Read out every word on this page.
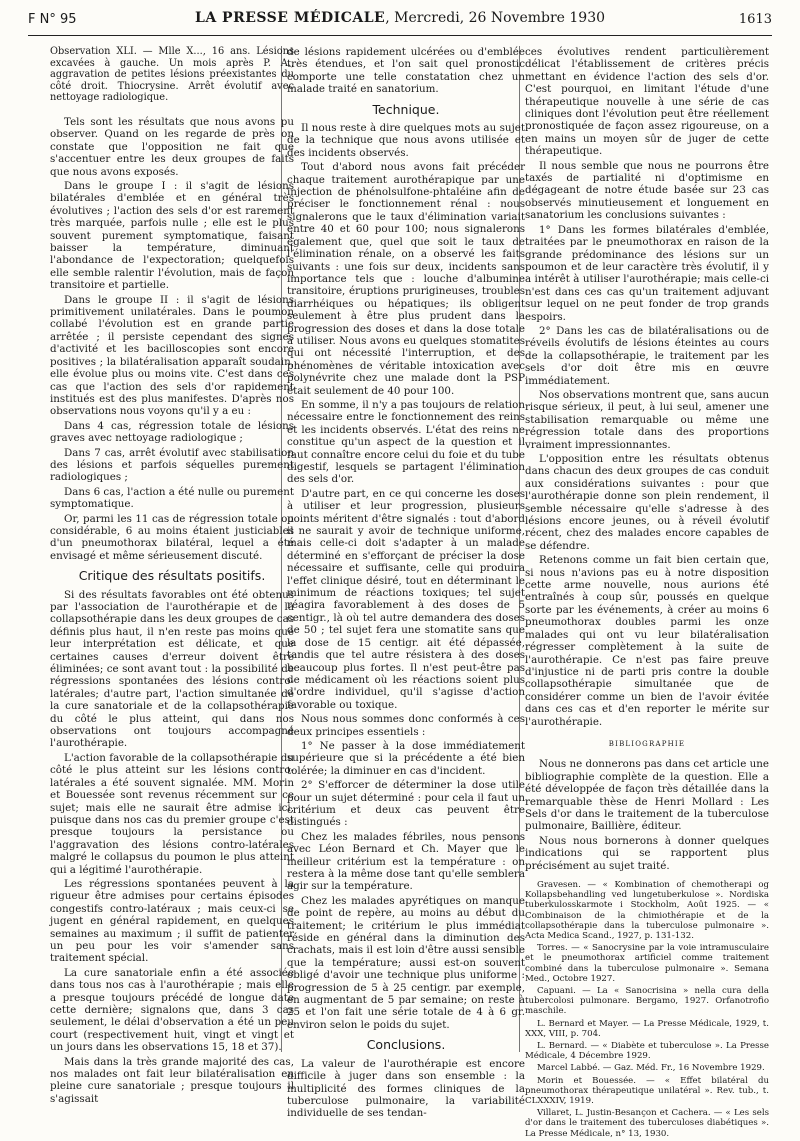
F N° 95	LA PRESSE MÉDICALE, Mercredi, 26 Novembre 1930	1613

Observation XLI. — Mlle X..., 16 ans. Lésions excavées à gauche. Un mois après P. A., aggravation de petites lésions préexistantes du côté droit. Thiocrysine. Arrêt évolutif avec nettoyage radiologique.

Tels sont les résultats que nous avons pu observer. Quand on les regarde de près on constate que l'opposition ne fait que s'accentuer entre les deux groupes de faits que nous avons exposés.

Dans le groupe I : il s'agit de lésions bilatérales d'emblée et en général très évolutives ; l'action des sels d'or est rarement très marquée, parfois nulle ; elle est le plus souvent purement symptomatique, faisant baisser la température, diminuant l'abondance de l'expectoration; quelquefois elle semble ralentir l'évolution, mais de façon transitoire et partielle.

Dans le groupe II : il s'agit de lésions primitivement unilatérales. Dans le poumon collabé l'évolution est en grande partie arrêtée ; il persiste cependant des signes d'activité et les bacilloscopies sont encore positives ; la bilatéralisation apparaît soudain, elle évolue plus ou moins vite. C'est dans ces cas que l'action des sels d'or rapidement institués est des plus manifestes. D'après nos observations nous voyons qu'il y a eu :

Dans 4 cas, régression totale de lésions graves avec nettoyage radiologique ;

Dans 7 cas, arrêt évolutif avec stabilisation des lésions et parfois séquelles purement radiologiques ;

Dans 6 cas, l'action a été nulle ou purement symptomatique.

Or, parmi les 11 cas de régression totale ou considérable, 6 au moins étaient justiciables d'un pneumothorax bilatéral, lequel a été envisagé et même sérieusement discuté.

Critique des résultats positifs.

Si des résultats favorables ont été obtenus par l'association de l'aurothérapie et de la collapsothérapie dans les deux groupes de cas définis plus haut, il n'en reste pas moins que leur interprétation est délicate, et que certaines causes d'erreur doivent être éliminées; ce sont avant tout : la possibilité de régressions spontanées des lésions contro-latérales; d'autre part, l'action simultanée de la cure sanatoriale et de la collapsothérapie du côté le plus atteint, qui dans nos observations ont toujours accompagné l'aurothérapie.

L'action favorable de la collapsothérapie du côté le plus atteint sur les lésions contro-latérales a été souvent signalée. MM. Morin et Bouessée sont revenus récemment sur ce sujet; mais elle ne saurait être admise ici, puisque dans nos cas du premier groupe c'est presque toujours la persistance ou l'aggravation des lésions contro-latérales malgré le collapsus du poumon le plus atteint qui a légitimé l'aurothérapie.

Les régressions spontanées peuvent à la rigueur être admises pour certains épisodes congestifs contro-latéraux ; mais ceux-ci se jugent en général rapidement, en quelques semaines au maximum ; il suffit de patienter un peu pour les voir s'amender sans traitement spécial.

La cure sanatoriale enfin a été associée dans tous nos cas à l'aurothérapie ; mais elle a presque toujours précédé de longue date cette dernière; signalons que, dans 3 cas seulement, le délai d'observation a été un peu court (respectivement huit, vingt et vingt et un jours dans les observations 15, 18 et 37).

Mais dans la très grande majorité des cas, nos malades ont fait leur bilatéralisation en pleine cure sanatoriale ; presque toujours il s'agissait

de lésions rapidement ulcérées ou d'emblée très étendues, et l'on sait quel pronostic comporte une telle constatation chez un malade traité en sanatorium.

Technique.

Il nous reste à dire quelques mots au sujet de la technique que nous avons utilisée et des incidents observés.

Tout d'abord nous avons fait précéder chaque traitement aurothérapique par une injection de phénolsulfone-phtaléine afin de préciser le fonctionnement rénal : nous signalerons que le taux d'élimination variait entre 40 et 60 pour 100; nous signalerons également que, quel que soit le taux de l'élimination rénale, on a observé les faits suivants : une fois sur deux, incidents sans importance tels que : louche d'albumine transitoire, éruptions prurigineuses, troubles diarrhéiques ou hépatiques; ils obligent seulement à être plus prudent dans la progression des doses et dans la dose totale à utiliser. Nous avons eu quelques stomatites qui ont nécessité l'interruption, et des phénomènes de véritable intoxication avec polynévrite chez une malade dont la PSP était seulement de 40 pour 100.

En somme, il n'y a pas toujours de relation nécessaire entre le fonctionnement des reins et les incidents observés. L'état des reins ne constitue qu'un aspect de la question et il faut connaître encore celui du foie et du tube digestif, lesquels se partagent l'élimination des sels d'or.

D'autre part, en ce qui concerne les doses à utiliser et leur progression, plusieurs points méritent d'être signalés : tout d'abord il ne saurait y avoir de technique uniforme, mais celle-ci doit s'adapter à un malade déterminé en s'efforçant de préciser la dose nécessaire et suffisante, celle qui produira l'effet clinique désiré, tout en déterminant le minimum de réactions toxiques; tel sujet réagira favorablement à des doses de 5 centigr., là où tel autre demandera des doses de 50 ; tel sujet fera une stomatite sans que la dose de 15 centigr. ait été dépassée, tandis que tel autre résistera à des doses beaucoup plus fortes. Il n'est peut-être pas de médicament où les réactions soient plus d'ordre individuel, qu'il s'agisse d'action favorable ou toxique.

Nous nous sommes donc conformés à ces deux principes essentiels :

1° Ne passer à la dose immédiatement supérieure que si la précédente a été bien tolérée; la diminuer en cas d'incident.

2° S'efforcer de déterminer la dose utile pour un sujet déterminé : pour cela il faut un critérium et deux cas peuvent être distingués :

Chez les malades fébriles, nous pensons avec Léon Bernard et Ch. Mayer que le meilleur critérium est la température : on restera à la même dose tant qu'elle semblera agir sur la température.

Chez les malades apyrétiques on manque de point de repère, au moins au début du traitement; le critérium le plus immédiat réside en général dans la diminution des crachats, mais il est loin d'être aussi sensible que la température; aussi est-on souvent obligé d'avoir une technique plus uniforme : progression de 5 à 25 centigr. par exemple, en augmentant de 5 par semaine; on reste à 25 et l'on fait une série totale de 4 à 6 gr. environ selon le poids du sujet.

Conclusions.

La valeur de l'aurothérapie est encore difficile à juger dans son ensemble : la multiplicité des formes cliniques de la tuberculose pulmonaire, la variabilité individuelle de ses tendan-

ces évolutives rendent particulièrement délicat l'établissement de critères précis mettant en évidence l'action des sels d'or. C'est pourquoi, en limitant l'étude d'une thérapeutique nouvelle à une série de cas cliniques dont l'évolution peut être réellement pronostiquée de façon assez rigoureuse, on a en mains un moyen sûr de juger de cette thérapeutique.

Il nous semble que nous ne pourrons être taxés de partialité ni d'optimisme en dégageant de notre étude basée sur 23 cas observés minutieusement et longuement en sanatorium les conclusions suivantes :

1° Dans les formes bilatérales d'emblée, traitées par le pneumothorax en raison de la grande prédominance des lésions sur un poumon et de leur caractère très évolutif, il y a intérêt à utiliser l'aurothérapie; mais celle-ci n'est dans ces cas qu'un traitement adjuvant sur lequel on ne peut fonder de trop grands espoirs.

2° Dans les cas de bilatéralisations ou de réveils évolutifs de lésions éteintes au cours de la collapsothérapie, le traitement par les sels d'or doit être mis en œuvre immédiatement.

Nos observations montrent que, sans aucun risque sérieux, il peut, à lui seul, amener une stabilisation remarquable ou même une régression totale dans des proportions vraiment impressionnantes.

L'opposition entre les résultats obtenus dans chacun des deux groupes de cas conduit aux considérations suivantes : pour que l'aurothérapie donne son plein rendement, il semble nécessaire qu'elle s'adresse à des lésions encore jeunes, ou à réveil évolutif récent, chez des malades encore capables de se défendre.

Retenons comme un fait bien certain que, si nous n'avions pas eu à notre disposition cette arme nouvelle, nous aurions été entraînés à coup sûr, poussés en quelque sorte par les événements, à créer au moins 6 pneumothorax doubles parmi les onze malades qui ont vu leur bilatéralisation régresser complètement à la suite de l'aurothérapie. Ce n'est pas faire preuve d'injustice ni de parti pris contre la double collapsothérapie simultanée que de considérer comme un bien de l'avoir évitée dans ces cas et d'en reporter le mérite sur l'aurothérapie.

BIBLIOGRAPHIE

Nous ne donnerons pas dans cet article une bibliographie complète de la question. Elle a été développée de façon très détaillée dans la remarquable thèse de Henri Mollard : Les Sels d'or dans le traitement de la tuberculose pulmonaire, Baillière, éditeur.

Nous nous bornerons à donner quelques indications qui se rapportent plus précisément au sujet traité.

Gravesen. — « Kombination of chemotherapi og Kollapsbehandling ved lungetuberkulose ». Nordiska tuberkulosskarmote i Stockholm, Août 1925. — « Combinaison de la chimiothérapie et de la collapsothérapie dans la tuberculose pulmonaire ». Acta Medica Scand., 1927, p. 131-132.

Torres. — « Sanocrysine par la voie intramusculaire et le pneumothorax artificiel comme traitement combiné dans la tuberculose pulmonaire ». Semana Med., Octobre 1927.

Capuani. — La « Sanocrisina » nella cura della tubercolosi pulmonare. Bergamo, 1927. Orfanotrofio maschile.

L. Bernard et Mayer. — La Presse Médicale, 1929, t. XXX, VIII, p. 704.

L. Bernard. — « Diabète et tuberculose ». La Presse Médicale, 4 Décembre 1929.

Marcel Labbé. — Gaz. Méd. Fr., 16 Novembre 1929.

Morin et Bouessée. — « Effet bilatéral du pneumothorax thérapeutique unilatéral ». Rev. tub., t. CLXXXIV, 1919.

Villaret, L. Justin-Besançon et Cachera. — « Les sels d'or dans le traitement des tuberculoses diabétiques ». La Presse Médicale, n° 13, 1930.
